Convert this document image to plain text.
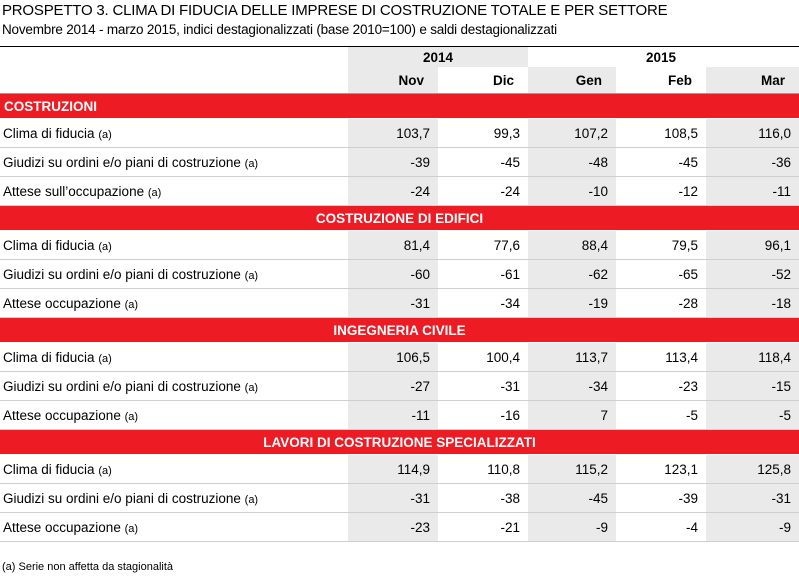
PROSPETTO 3. CLIMA DI FIDUCIA DELLE IMPRESE DI COSTRUZIONE TOTALE E PER SETTORE
Novembre 2014 - marzo 2015, indici destagionalizzati (base 2010=100) e saldi destagionalizzati
	2014			2015	
	Nov	Dic	Gen	Feb	Mar
COSTRUZIONI					
Clima di fiducia (a)	103,7	99,3	107,2	108,5	116,0
Giudizi su ordini e/o piani di costruzione (a)	-39	-45	-48	-45	-36
Attese sull’occupazione (a)	-24	-24	-10	-12	-11
COSTRUZIONE DI EDIFICI					
Clima di fiducia (a)	81,4	77,6	88,4	79,5	96,1
Giudizi su ordini e/o piani di costruzione (a)	-60	-61	-62	-65	-52
Attese occupazione (a)	-31	-34	-19	-28	-18
INGEGNERIA CIVILE					
Clima di fiducia (a)	106,5	100,4	113,7	113,4	118,4
Giudizi su ordini e/o piani di costruzione (a)	-27	-31	-34	-23	-15
Attese occupazione (a)	-11	-16	7	-5	-5
LAVORI DI COSTRUZIONE SPECIALIZZATI					
Clima di fiducia (a)	114,9	110,8	115,2	123,1	125,8
Giudizi su ordini e/o piani di costruzione (a)	-31	-38	-45	-39	-31
Attese occupazione (a)	-23	-21	-9	-4	-9
(a) Serie non affetta da stagionalità
